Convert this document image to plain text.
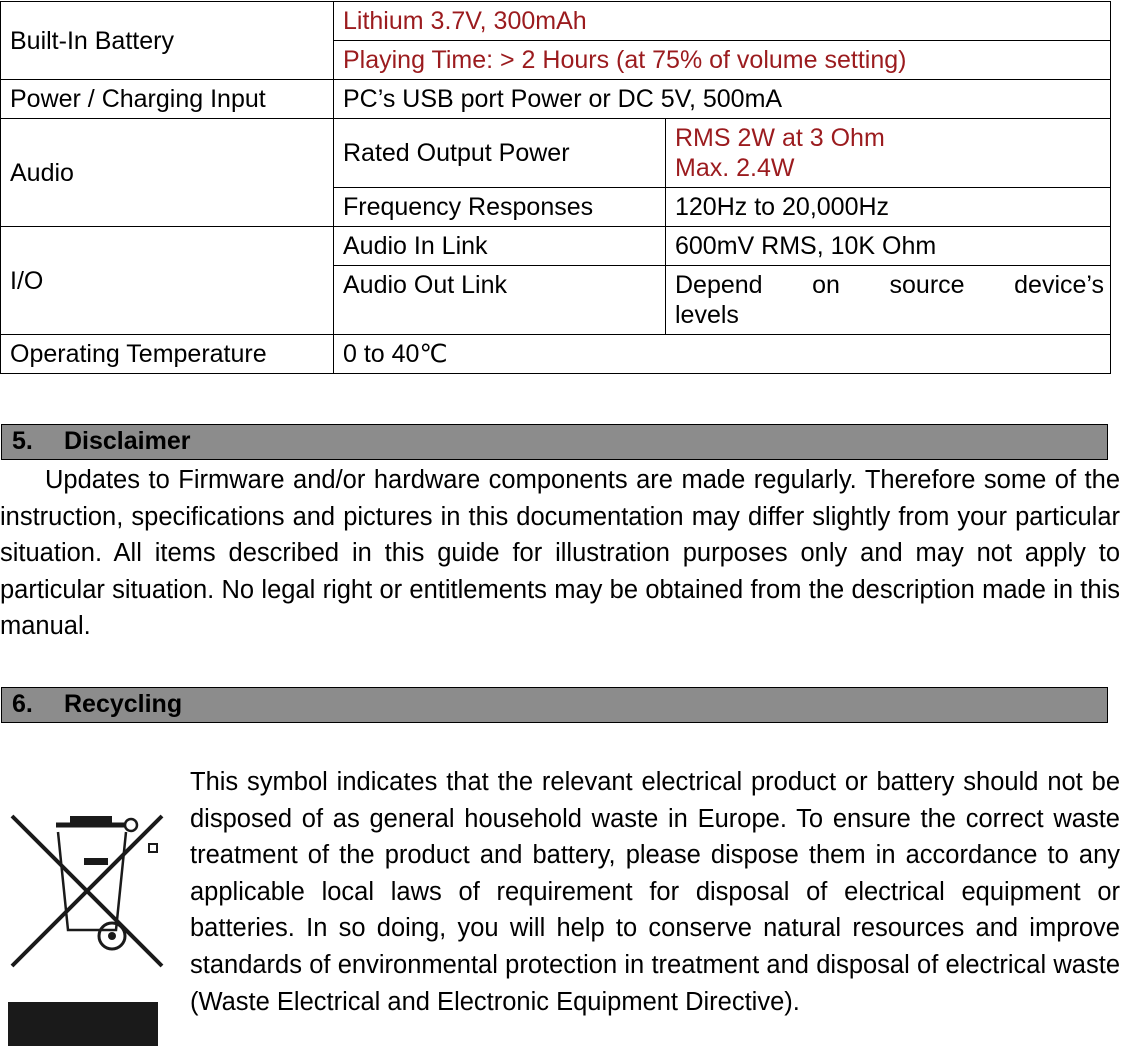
Built-In Battery	Lithium 3.7V, 300mAh	
	Playing Time: > 2 Hours (at 75% of volume setting)	
Power / Charging Input	PC’s USB port Power or DC 5V, 500mA	
Audio	Rated Output Power	RMS 2W at 3 Ohm
Max. 2.4W

	Frequency Responses	120Hz to 20,000Hz
I/O	Audio In Link	600mV RMS, 10K Ohm
	Audio Out Link	Depend on source device’s
levels

Operating Temperature	0 to 40℃	
5. Disclaimer

Updates to Firmware and/or hardware components are made regularly. Therefore some of the instruction, specifications and pictures in this documentation may differ slightly from your particular situation. All items described in this guide for illustration purposes only and may not apply to particular situation. No legal right or entitlements may be obtained from the description made in this manual.

6. Recycling

This symbol indicates that the relevant electrical product or battery should not be disposed of as general household waste in Europe. To ensure the correct waste treatment of the product and battery, please dispose them in accordance to any applicable local laws of requirement for disposal of electrical equipment or batteries. In so doing, you will help to conserve natural resources and improve standards of environmental protection in treatment and disposal of electrical waste (Waste Electrical and Electronic Equipment Directive).
